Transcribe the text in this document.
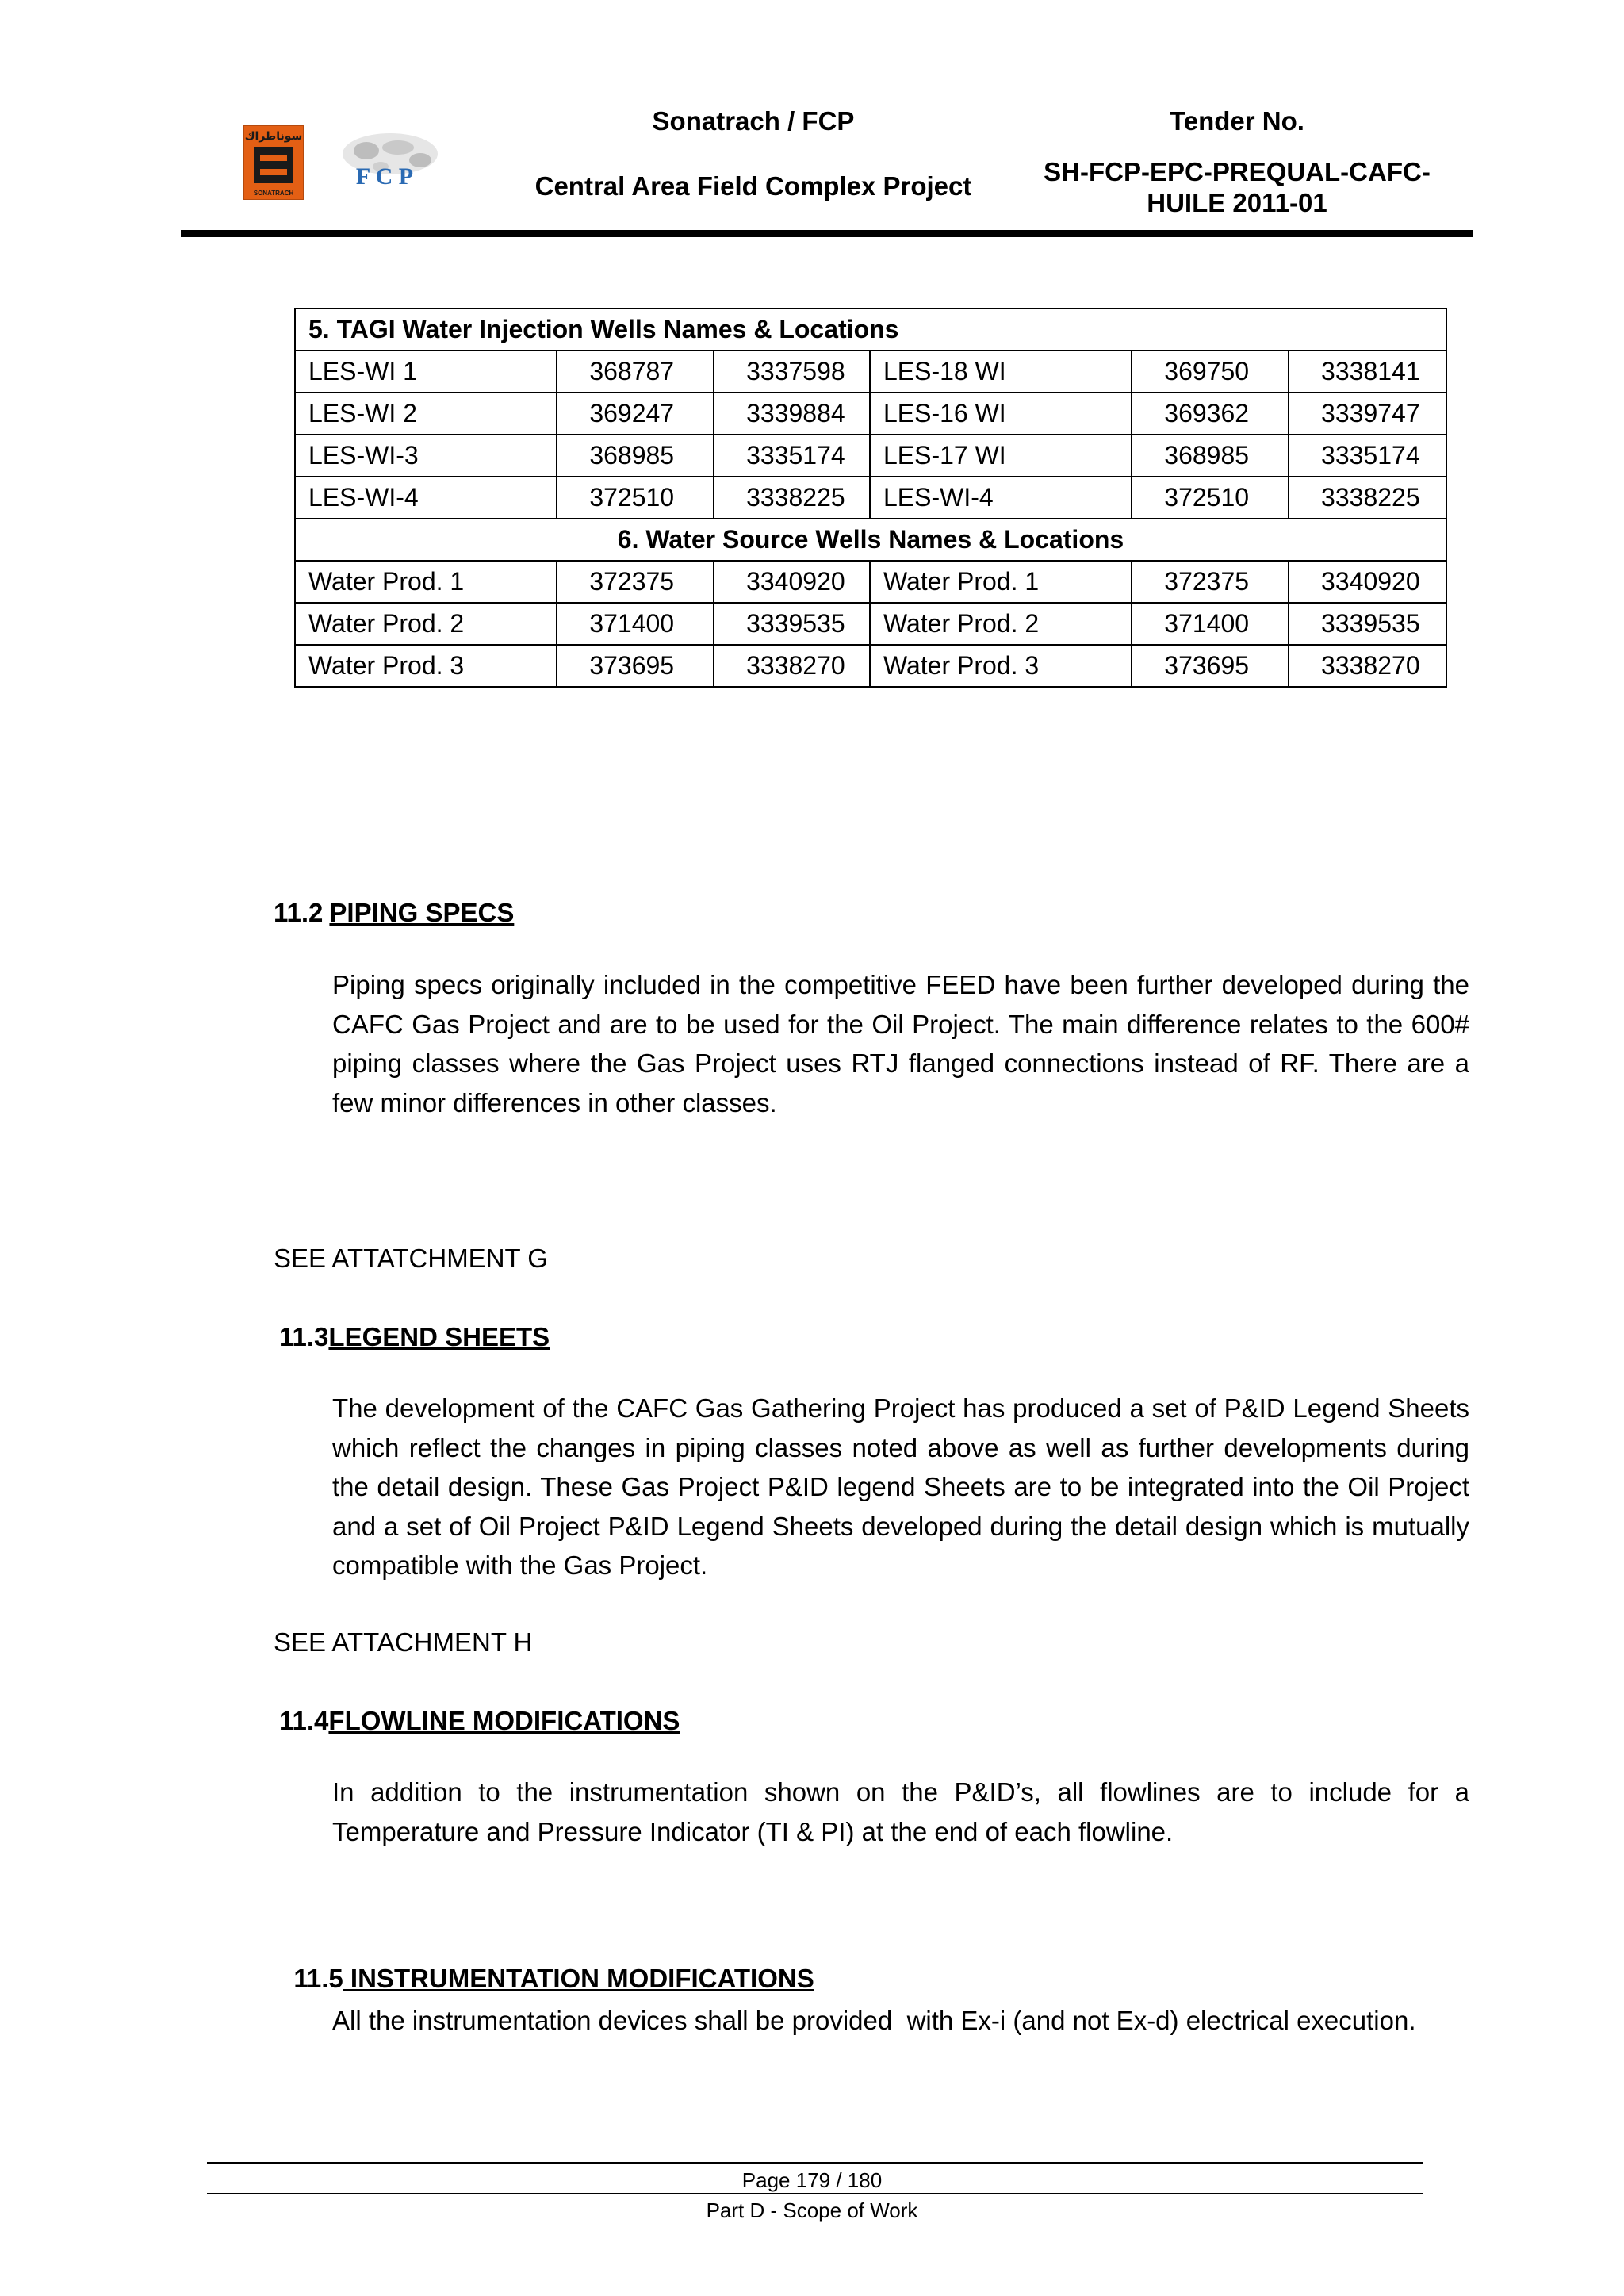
سوناطراك
SONATRACH
F C P
Sonatrach / FCP
Central Area Field Complex Project
Tender No.
SH-FCP-EPC-PREQUAL-CAFC-
HUILE 2011-01
5. TAGI Water Injection Wells Names & Locations					
LES-WI 1	368787	3337598	LES-18 WI	369750	3338141
LES-WI 2	369247	3339884	LES-16 WI	369362	3339747
LES-WI-3	368985	3335174	LES-17 WI	368985	3335174
LES-WI-4	372510	3338225	LES-WI-4	372510	3338225
6. Water Source Wells Names & Locations					
Water Prod. 1	372375	3340920	Water Prod. 1	372375	3340920
Water Prod. 2	371400	3339535	Water Prod. 2	371400	3339535
Water Prod. 3	373695	3338270	Water Prod. 3	373695	3338270
11.2 PIPING SPECS
Piping specs originally included in the competitive FEED have been further developed during the CAFC Gas Project and are to be used for the Oil Project. The main difference relates to the 600# piping classes where the Gas Project uses RTJ flanged connections instead of RF. There are a few minor differences in other classes.
SEE ATTATCHMENT G
11.3LEGEND SHEETS
The development of the CAFC Gas Gathering Project has produced a set of P&ID Legend Sheets which reflect the changes in piping classes noted above as well as further developments during the detail design. These Gas Project P&ID legend Sheets are to be integrated into the Oil Project and a set of Oil Project P&ID Legend Sheets developed during the detail design which is mutually compatible with the Gas Project.
SEE ATTACHMENT H
11.4FLOWLINE MODIFICATIONS
In addition to the instrumentation shown on the P&ID’s, all flowlines are to include for a Temperature and Pressure Indicator (TI & PI) at the end of each flowline.

11.5 INSTRUMENTATION MODIFICATIONS

All the instrumentation devices shall be provided  with Ex-i (and not Ex-d) electrical execution.
Page 179 / 180
Part D - Scope of Work
